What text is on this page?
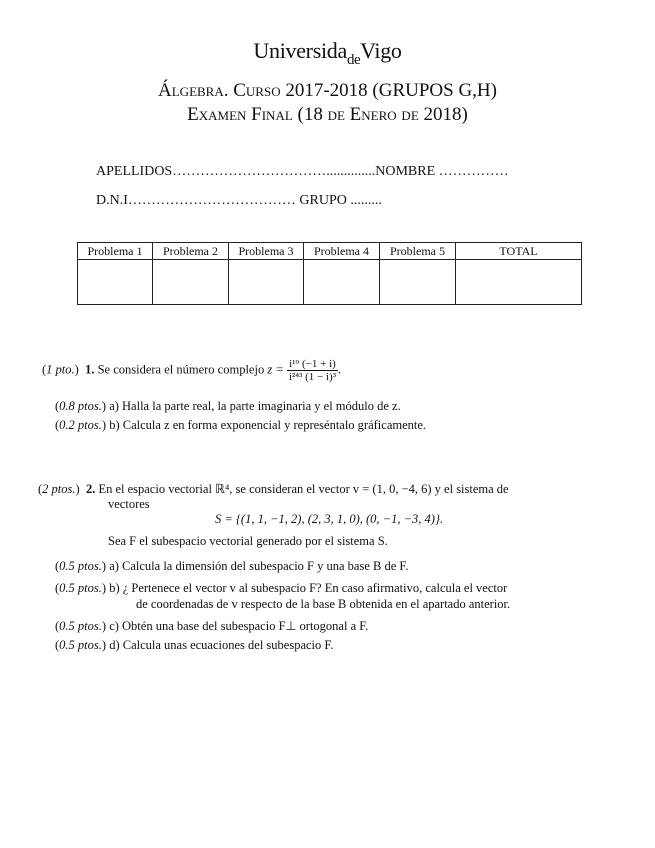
Universida$_{de}$Vigo
Álgebra. Curso 2017-2018 (GRUPOS G,H)
Examen Final (18 de Enero de 2018)
APELLIDOS……………………………..............NOMBRE ……………
D.N.I……………………………… GRUPO .........
Problema 1	Problema 2	Problema 3	Problema 4	Problema 5	TOTAL

(1 pto.)  1. Se considera el número complejo $z = \frac{\text{i¹⁹ (−1 + i)}}{\text{i²⁴³ (1 − i)³}}$ .
(0.8 ptos.) a) Halla la parte real, la parte imaginaria y el módulo de z.
(0.2 ptos.) b) Calcula z en forma exponencial y represéntalo gráficamente.
(2 ptos.)  2. En el espacio vectorial ℝ⁴, se consideran el vector v = (1, 0, −4, 6) y el sistema de
vectores
S = {(1, 1, −1, 2), (2, 3, 1, 0), (0, −1, −3, 4)}.
Sea F el subespacio vectorial generado por el sistema S.
(0.5 ptos.) a) Calcula la dimensión del subespacio F y una base B de F.
(0.5 ptos.) b) ¿ Pertenece el vector v al subespacio F? En caso afirmativo, calcula el vector
de coordenadas de v respecto de la base B obtenida en el apartado anterior.
(0.5 ptos.) c) Obtén una base del subespacio F⊥ ortogonal a F.
(0.5 ptos.) d) Calcula unas ecuaciones del subespacio F.
